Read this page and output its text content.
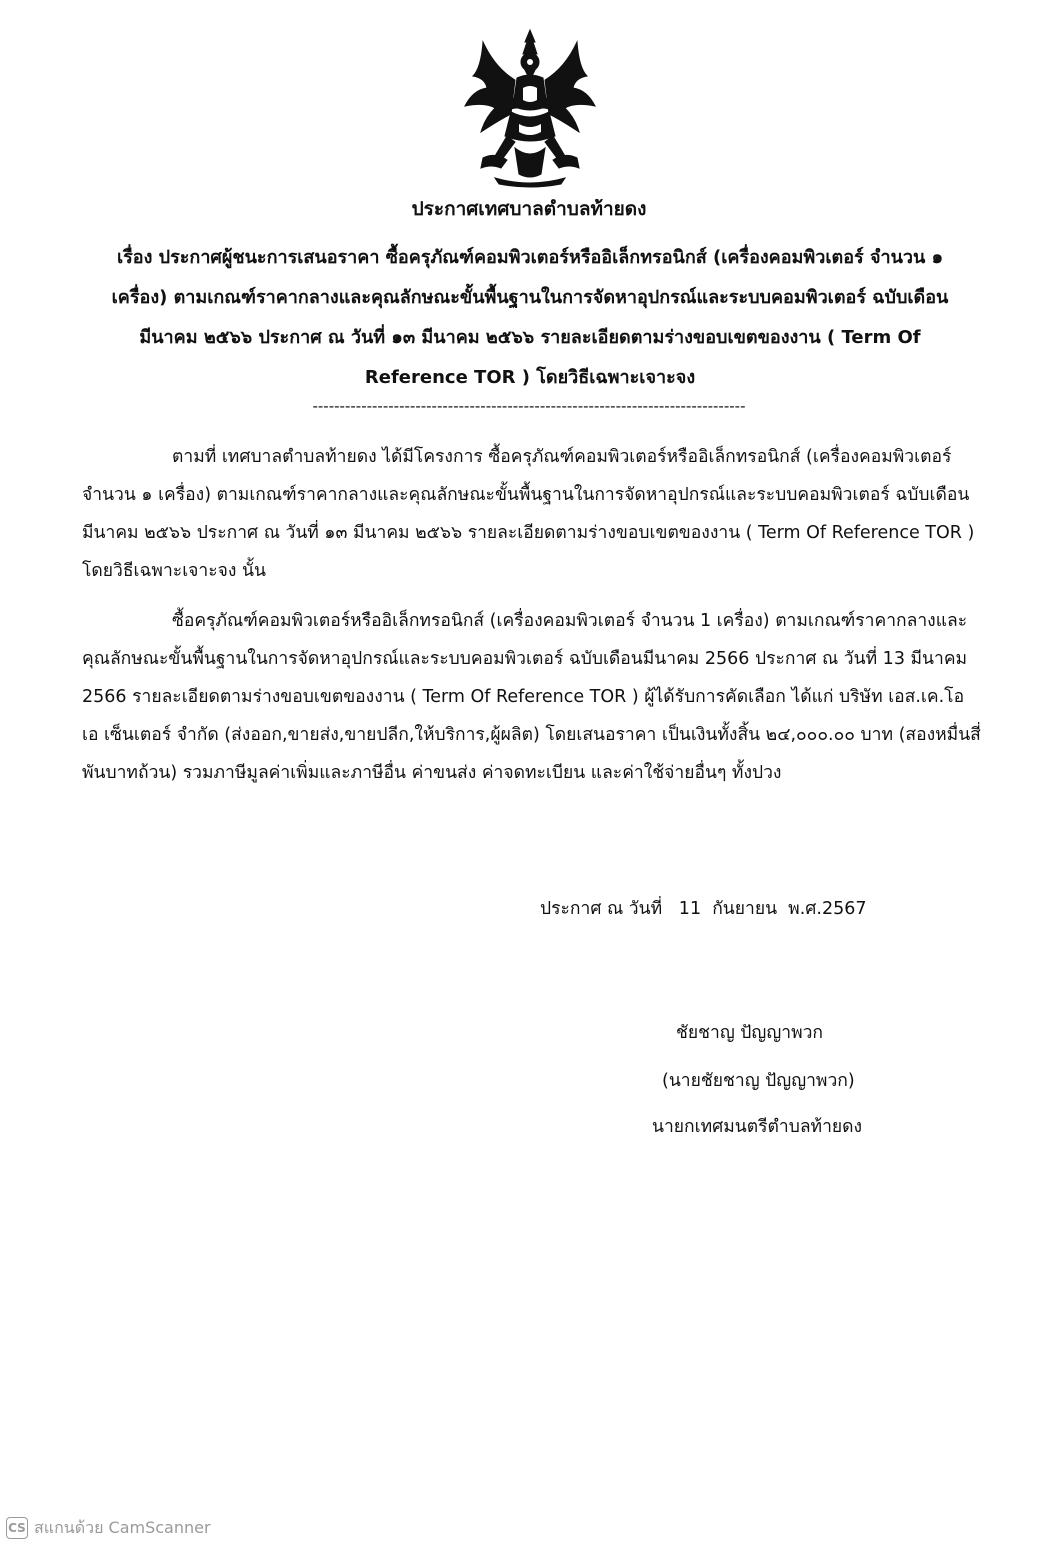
ประกาศเทศบาลตำบลท้ายดง
เรื่อง ประกาศผู้ชนะการเสนอราคา ซื้อครุภัณฑ์คอมพิวเตอร์หรืออิเล็กทรอนิกส์ (เครื่องคอมพิวเตอร์ จำนวน ๑ เครื่อง) ตามเกณฑ์ราคากลางและคุณลักษณะขั้นพื้นฐานในการจัดหาอุปกรณ์และระบบคอมพิวเตอร์ ฉบับเดือนมีนาคม ๒๕๖๖ ประกาศ ณ วันที่ ๑๓ มีนาคม ๒๕๖๖ รายละเอียดตามร่างขอบเขตของงาน ( Term Of Reference TOR ) โดยวิธีเฉพาะเจาะจง
--------------------------------------------------------------------------------
ตามที่ เทศบาลตำบลท้ายดง ได้มีโครงการ ซื้อครุภัณฑ์คอมพิวเตอร์หรืออิเล็กทรอนิกส์ (เครื่องคอมพิวเตอร์ จำนวน ๑ เครื่อง) ตามเกณฑ์ราคากลางและคุณลักษณะขั้นพื้นฐานในการจัดหาอุปกรณ์และระบบคอมพิวเตอร์ ฉบับเดือนมีนาคม ๒๕๖๖ ประกาศ ณ วันที่ ๑๓ มีนาคม ๒๕๖๖ รายละเอียดตามร่างขอบเขตของงาน ( Term Of Reference TOR ) โดยวิธีเฉพาะเจาะจง นั้น
ซื้อครุภัณฑ์คอมพิวเตอร์หรืออิเล็กทรอนิกส์ (เครื่องคอมพิวเตอร์ จำนวน 1 เครื่อง) ตามเกณฑ์ราคากลางและคุณลักษณะขั้นพื้นฐานในการจัดหาอุปกรณ์และระบบคอมพิวเตอร์ ฉบับเดือนมีนาคม 2566 ประกาศ ณ วันที่ 13 มีนาคม 2566 รายละเอียดตามร่างขอบเขตของงาน ( Term Of Reference TOR ) ผู้ได้รับการคัดเลือก ได้แก่ บริษัท เอส.เค.โอ เอ เซ็นเตอร์ จำกัด (ส่งออก,ขายส่ง,ขายปลีก,ให้บริการ,ผู้ผลิต) โดยเสนอราคา เป็นเงินทั้งสิ้น ๒๔,๐๐๐.๐๐ บาท (สองหมื่นสี่พันบาทถ้วน) รวมภาษีมูลค่าเพิ่มและภาษีอื่น ค่าขนส่ง ค่าจดทะเบียน และค่าใช้จ่ายอื่นๆ ทั้งปวง
ประกาศ ณ วันที่   11  กันยายน  พ.ศ.2567
ชัยชาญ ปัญญาพวก
(นายชัยชาญ ปัญญาพวก)
นายกเทศมนตรีตำบลท้ายดง
CS สแกนด้วย CamScanner
